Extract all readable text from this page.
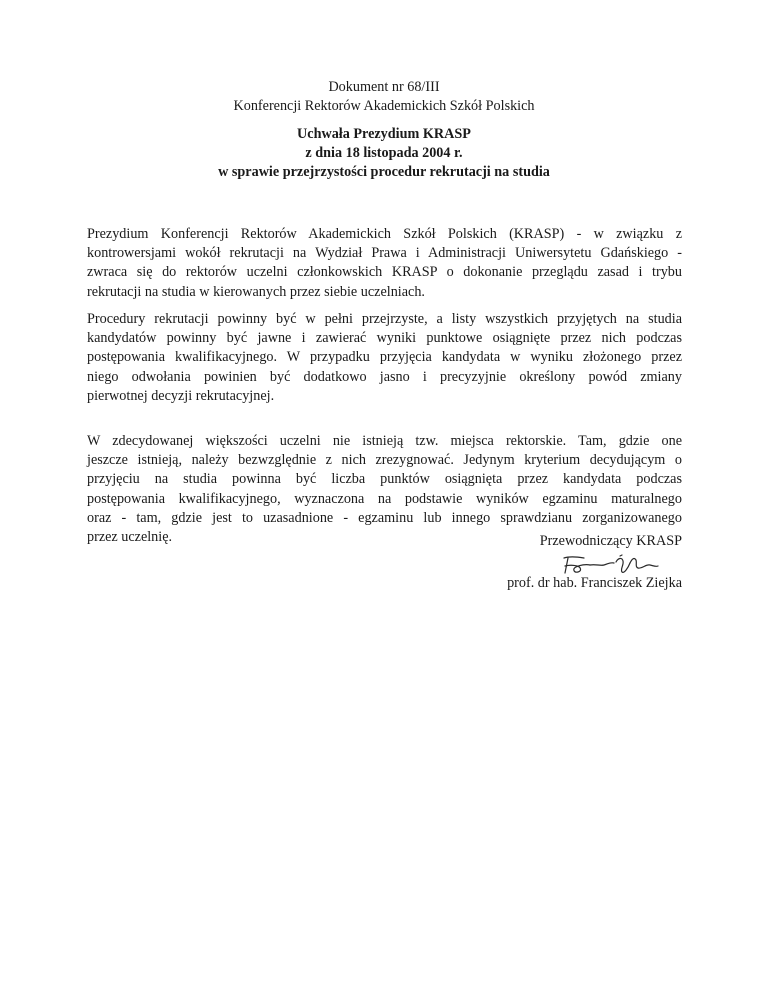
Dokument nr 68/III
Konferencji Rektorów Akademickich Szkół Polskich
Uchwała Prezydium KRASP
z dnia 18 listopada 2004 r.
w sprawie przejrzystości procedur rekrutacji na studia
Prezydium Konferencji Rektorów Akademickich Szkół Polskich (KRASP) - w związku z
kontrowersjami wokół rekrutacji na Wydział Prawa i Administracji Uniwersytetu Gdańskiego -
zwraca się do rektorów uczelni członkowskich KRASP o dokonanie przeglądu zasad i trybu
rekrutacji na studia w kierowanych przez siebie uczelniach.
Procedury rekrutacji powinny być w pełni przejrzyste, a listy wszystkich przyjętych na studia
kandydatów powinny być jawne i zawierać wyniki punktowe osiągnięte przez nich podczas
postępowania kwalifikacyjnego. W przypadku przyjęcia kandydata w wyniku złożonego przez
niego odwołania powinien być dodatkowo jasno i precyzyjnie określony powód zmiany
pierwotnej decyzji rekrutacyjnej.
W zdecydowanej większości uczelni nie istnieją tzw. miejsca rektorskie. Tam, gdzie one
jeszcze istnieją, należy bezwzględnie z nich zrezygnować. Jedynym kryterium decydującym o
przyjęciu na studia powinna być liczba punktów osiągnięta przez kandydata podczas
postępowania kwalifikacyjnego, wyznaczona na podstawie wyników egzaminu maturalnego
oraz - tam, gdzie jest to uzasadnione - egzaminu lub innego sprawdzianu zorganizowanego
przez uczelnię.	Przewodniczący KRASP
prof. dr hab. Franciszek Ziejka
